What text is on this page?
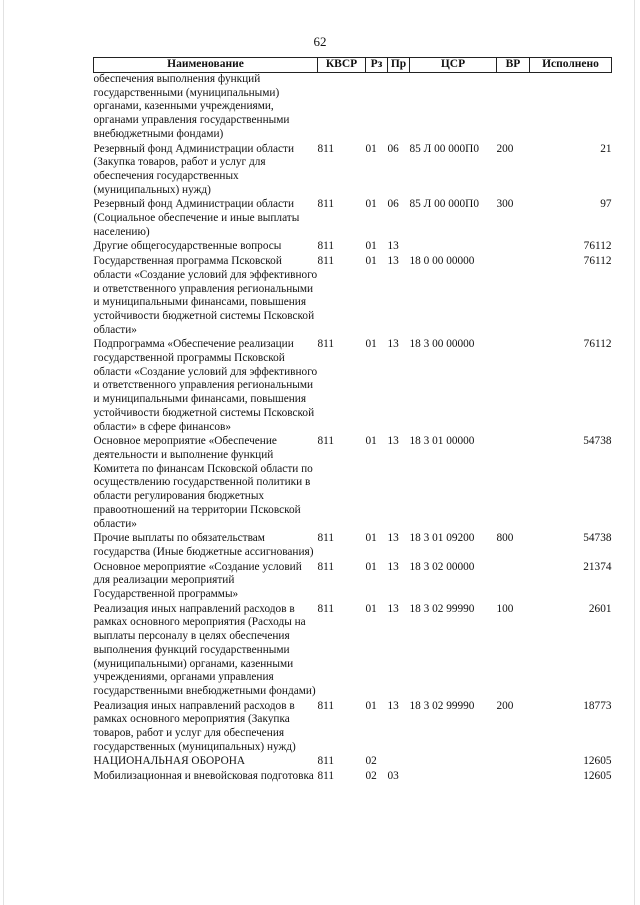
62
Наименование	КВСР	Рз	Пр	ЦСР	ВР	Исполнено
обеспечения выполнения функций государственными (муниципальными) органами, казенными учреждениями, органами управления государственными внебюджетными фондами)						
Резервный фонд Администрации области (Закупка товаров, работ и услуг для обеспечения государственных (муниципальных) нужд)	811	01	06	85 Л 00 000П0	200	21
Резервный фонд Администрации области (Социальное обеспечение и иные выплаты населению)	811	01	06	85 Л 00 000П0	300	97
Другие общегосударственные вопросы	811	01	13			76112
Государственная программа Псковской области «Создание условий для эффективного и ответственного управления региональными и муниципальными финансами, повышения устойчивости бюджетной системы Псковской области»	811	01	13	18 0 00 00000		76112
Подпрограмма «Обеспечение реализации государственной программы Псковской области «Создание условий для эффективного и ответственного управления региональными и муниципальными финансами, повышения устойчивости бюджетной системы Псковской области» в сфере финансов»	811	01	13	18 3 00 00000		76112
Основное мероприятие «Обеспечение деятельности и выполнение функций Комитета по финансам Псковской области по осуществлению государственной политики в области регулирования бюджетных правоотношений на территории Псковской области»	811	01	13	18 3 01 00000		54738
Прочие выплаты по обязательствам государства (Иные бюджетные ассигнования)	811	01	13	18 3 01 09200	800	54738
Основное мероприятие «Создание условий для реализации мероприятий Государственной программы»	811	01	13	18 3 02 00000		21374
Реализация иных направлений расходов в рамках основного мероприятия (Расходы на выплаты персоналу в целях обеспечения выполнения функций государственными (муниципальными) органами, казенными учреждениями, органами управления государственными внебюджетными фондами)	811	01	13	18 3 02 99990	100	2601
Реализация иных направлений расходов в рамках основного мероприятия (Закупка товаров, работ и услуг для обеспечения государственных (муниципальных) нужд)	811	01	13	18 3 02 99990	200	18773
НАЦИОНАЛЬНАЯ ОБОРОНА	811	02				12605
Мобилизационная и вневойсковая подготовка	811	02	03			12605
